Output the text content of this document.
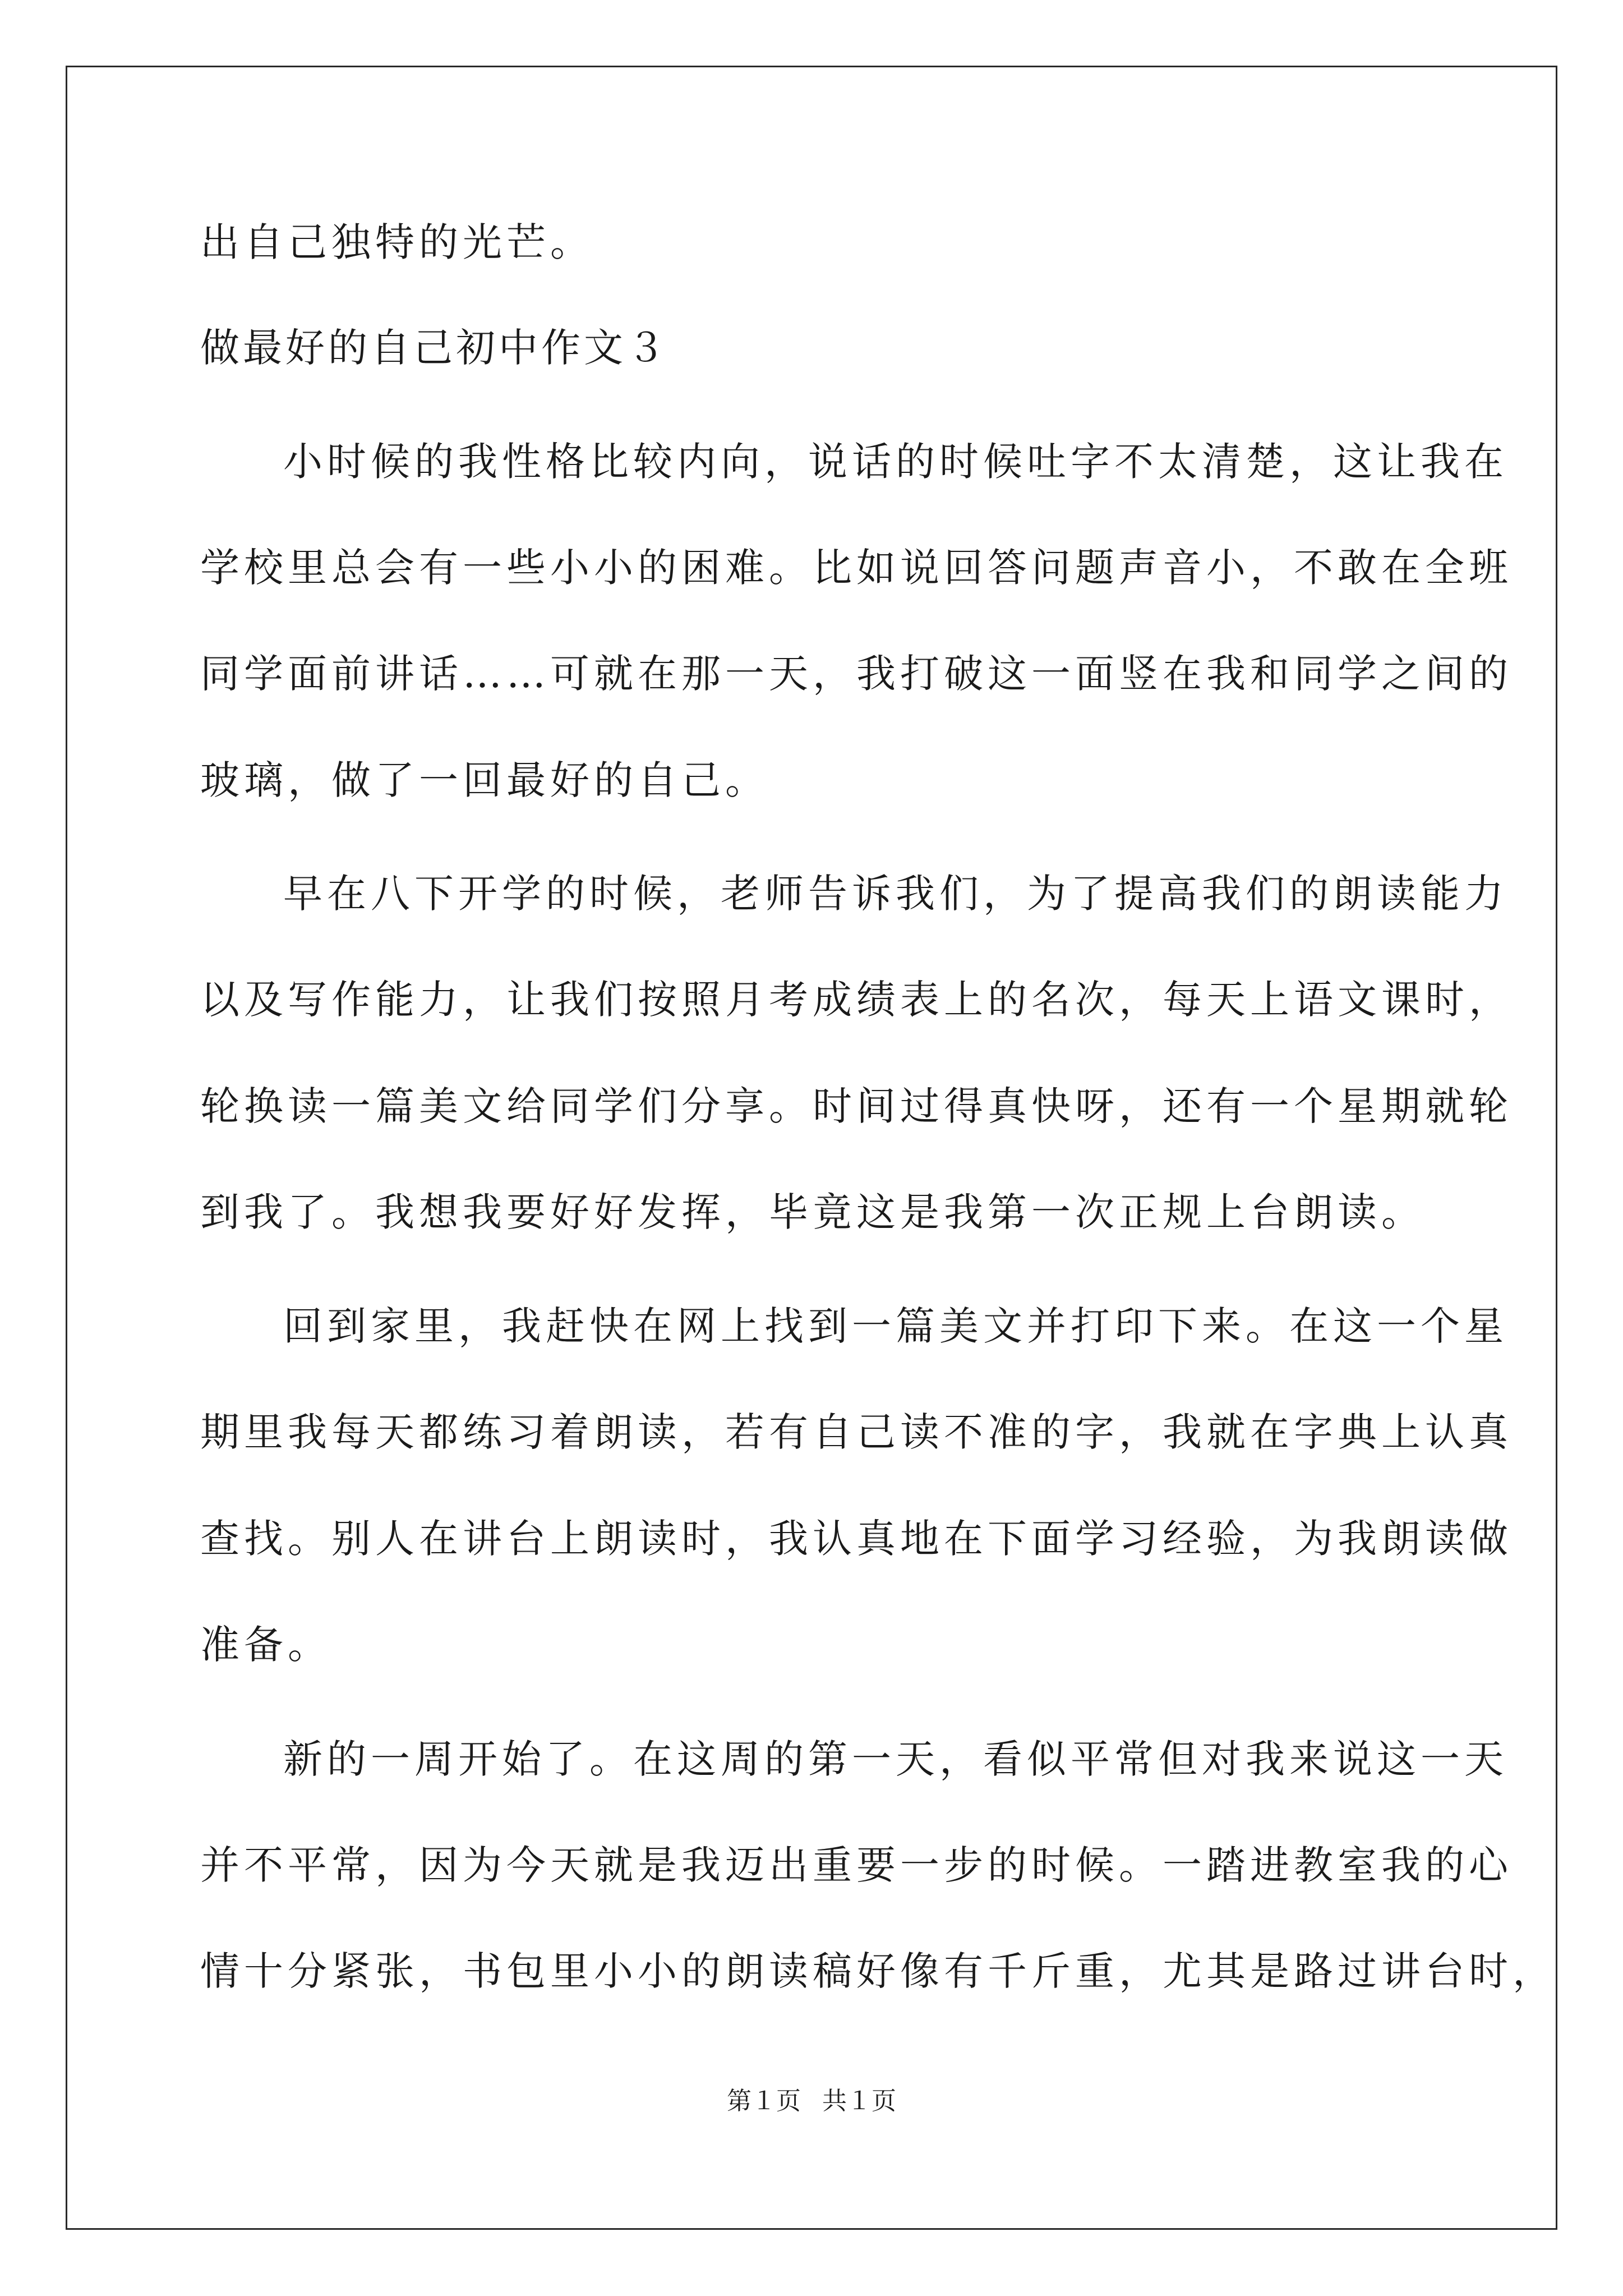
出自己独特的光芒。
做最好的自己初中作文３
小时候的我性格比较内向，说话的时候吐字不太清楚，这让我在
学校里总会有一些小小的困难。比如说回答问题声音小，不敢在全班
同学面前讲话……可就在那一天，我打破这一面竖在我和同学之间的
玻璃，做了一回最好的自己。
早在八下开学的时候，老师告诉我们，为了提高我们的朗读能力
以及写作能力，让我们按照月考成绩表上的名次，每天上语文课时，
轮换读一篇美文给同学们分享。时间过得真快呀，还有一个星期就轮
到我了。我想我要好好发挥，毕竟这是我第一次正规上台朗读。
回到家里，我赶快在网上找到一篇美文并打印下来。在这一个星
期里我每天都练习着朗读，若有自己读不准的字，我就在字典上认真
查找。别人在讲台上朗读时，我认真地在下面学习经验，为我朗读做
准备。
新的一周开始了。在这周的第一天，看似平常但对我来说这一天
并不平常，因为今天就是我迈出重要一步的时候。一踏进教室我的心
情十分紧张，书包里小小的朗读稿好像有千斤重，尤其是路过讲台时，
第１页 共１页
